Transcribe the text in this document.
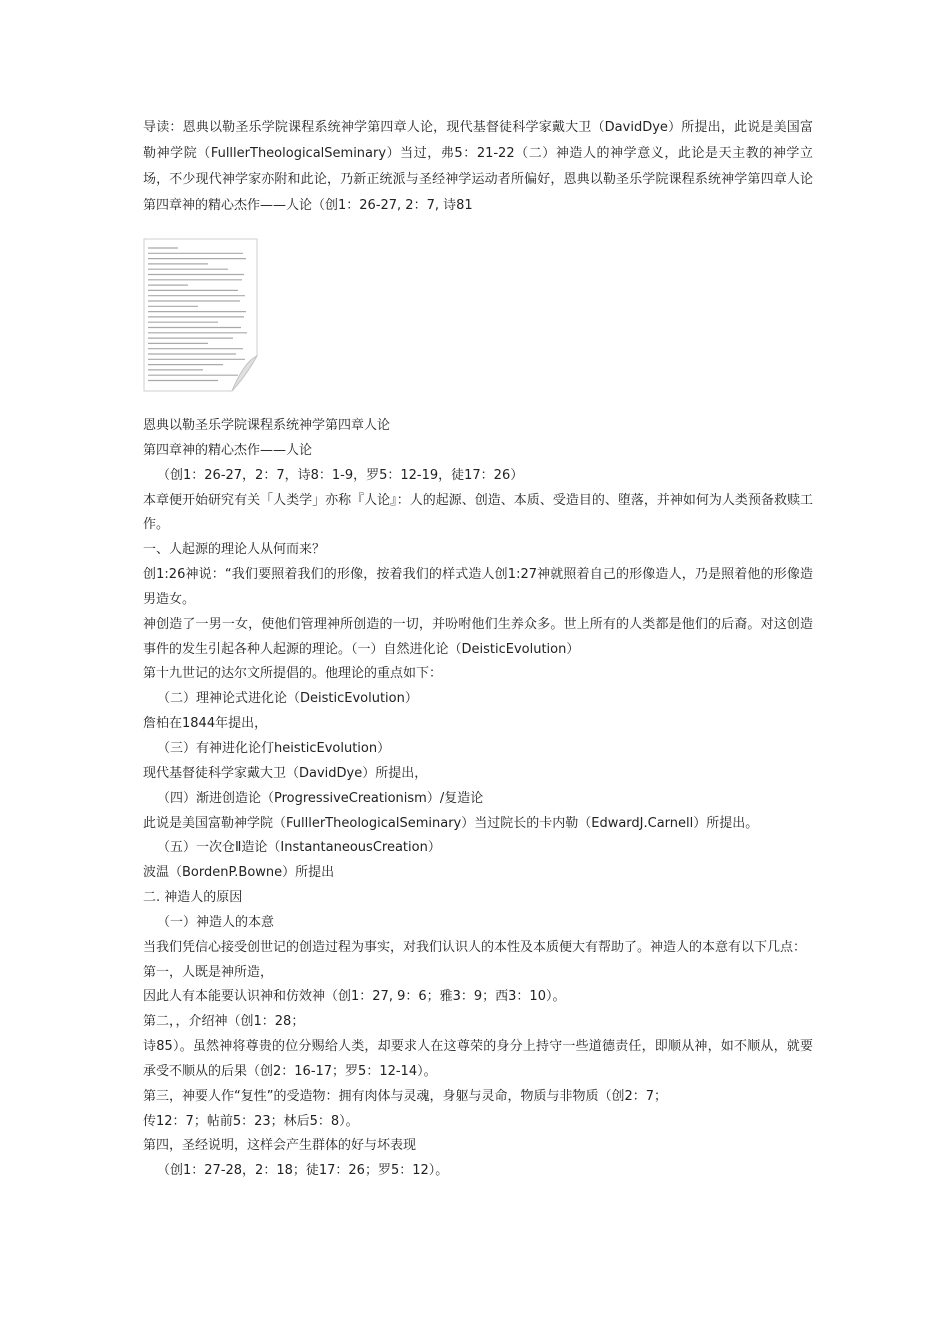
导读：恩典以勒圣乐学院课程系统神学第四章人论，现代基督徒科学家戴大卫（DavidDye）所提出，此说是美国富勒神学院（FulllerTheologicalSeminary）当过，弗5：21-22（二）神造人的神学意义，此论是天主教的神学立场，不少现代神学家亦附和此论，乃新正统派与圣经神学运动者所偏好，恩典以勒圣乐学院课程系统神学第四章人论第四章神的精心杰作——人论（创1：26-27, 2：7, 诗81

恩典以勒圣乐学院课程系统神学第四章人论
第四章神的精心杰作——人论
（创1：26-27，2：7，诗8：1-9，罗5：12-19，徒17：26）
本章便开始研究有关「人类学」亦称『人论』：人的起源、创造、本质、受造目的、堕落，并神如何为人类预备救赎工作。
一、人起源的理论人从何而来？
创1:26神说：“我们要照着我们的形像，按着我们的样式造人创1:27神就照着自己的形像造人，乃是照着他的形像造男造女。
神创造了一男一女，使他们管理神所创造的一切，并吩咐他们生养众多。世上所有的人类都是他们的后裔。对这创造事件的发生引起各种人起源的理论。（一）自然进化论（DeisticEvolution）
第十九世记的达尔文所提倡的。他理论的重点如下：
（二）理神论式进化论（DeisticEvolution）
詹柏在1844年提出，
（三）有神进化论仃heisticEvolution）
现代基督徒科学家戴大卫（DavidDye）所提出，
（四）渐进创造论（ProgressiveCreationism）/复造论
此说是美国富勒神学院（FulllerTheologicalSeminary）当过院长的卡内勒（EdwardJ.Carnell）所提出。
（五）一次仓Ⅱ造论（InstantaneousCreation）
波温（BordenP.Bowne）所提出
二. 神造人的原因
（一）神造人的本意
当我们凭信心接受创世记的创造过程为事实，对我们认识人的本性及本质便大有帮助了。神造人的本意有以下几点：
第一，人既是神所造，
因此人有本能要认识神和仿效神（创1：27, 9：6；雅3：9；西3：10）。
第二，，介绍神（创1：28；
诗85）。虽然神将尊贵的位分赐给人类，却要求人在这尊荣的身分上持守一些道德责任，即顺从神，如不顺从，就要承受不顺从的后果（创2：16-17；罗5：12-14）。
第三，神要人作“复性”的受造物：拥有肉体与灵魂，身躯与灵命，物质与非物质（创2：7；
传12：7；帖前5：23；林后5：8）。
第四，圣经说明，这样会产生群体的好与坏表现
（创1：27-28，2：18；徒17：26；罗5：12）。
